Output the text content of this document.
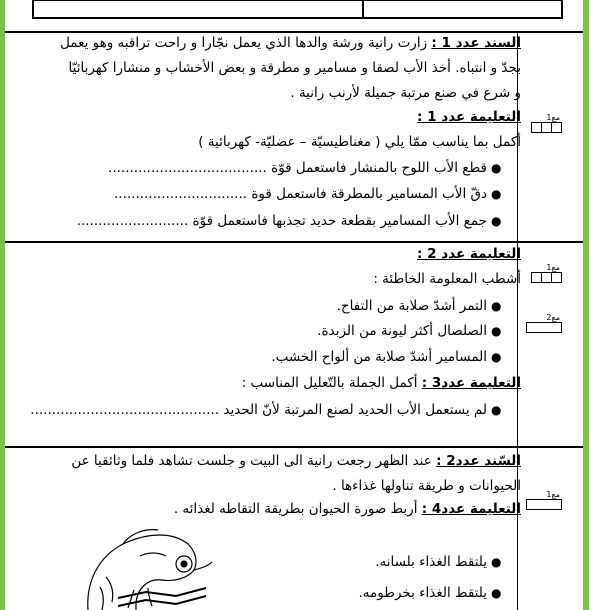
السند عدد 1 : زارت رانية ورشة والدها الذي يعمل نجّارا و راحت تراقبه وهو يعمل
بجدّ و انتباه. أخذ الأب لصقا و مسامير و مطرقة و بعض الأخشاب و منشارا كهربائيّا
و شرع في صنع مرتبة جميلة لأرنب رانية .
التعليمة عدد 1 :
أكمل بما يناسب ممّا يلي ( مغناطيسيّة – عضليّة- كهربائية )
●
قطع الأب اللوح بالمنشار فاستعمل قوّة .....................................
●
دقّ الأب المسامير بالمطرقة فاستعمل قوة ...............................
●
جمع الأب المسامير بقطعة حديد تجذبها فاستعمل قوّة ..........................
مع1
التعليمة عدد 2 :
أشطب المعلومة الخاطئة :
●
التمر أشدّ صلابة من التفاح.
●
الصلصال أكثر ليونة من الزبدة.
●
المسامير أشدّ صلابة من ألواح الخشب.
مع1
مع2
التعليمة عدد3 : أكمل الجملة بالتّعليل المناسب :
●
لم يستعمل الأب الحديد لصنع المرتبة لأنّ الحديد ............................................
السّند عدد2 : عند الظهر رجعت رانية الى البيت و جلست تشاهد فلما وثائقيا عن
الحيوانات و طريقة تناولها غذاءها .
التعليمة عدد4 : أربط صورة الحيوان بطريقة التقاطه لغذائه .
مع1
●
يلتقط الغذاء بلسانه.
●
يلتقط الغذاء بخرطومه.
